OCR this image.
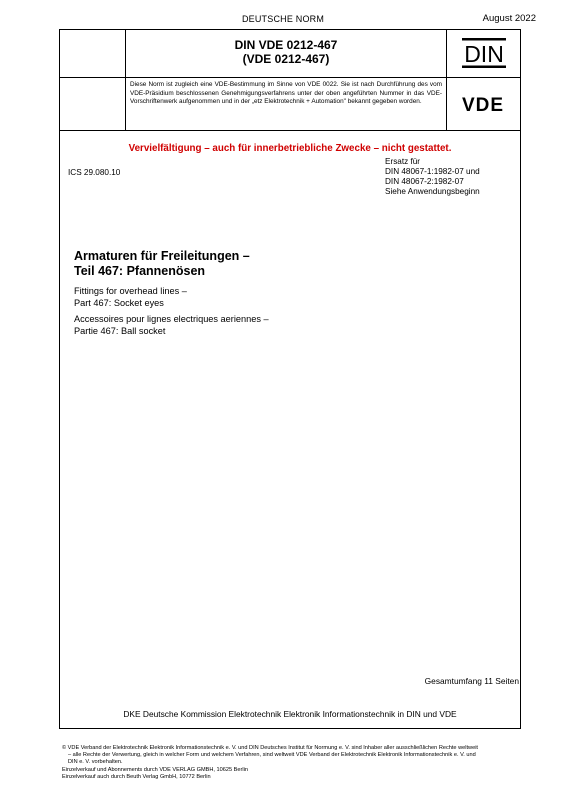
DEUTSCHE NORM	August 2022
DIN VDE 0212-467
(VDE 0212-467)	DIN
VDE
Diese Norm ist zugleich eine VDE-Bestimmung im Sinne von VDE 0022. Sie ist nach Durchführung des vom VDE-Präsidium beschlossenen Genehmigungsverfahrens unter der oben angeführten Nummer in das VDE-Vorschriftenwerk aufgenommen und in der „etz Elektrotechnik + Automation" bekannt gegeben worden.
Vervielfältigung – auch für innerbetriebliche Zwecke – nicht gestattet.
ICS 29.080.10
Ersatz für
DIN 48067-1:1982-07 und
DIN 48067-2:1982-07
Siehe Anwendungsbeginn
Armaturen für Freileitungen –
Teil 467: Pfannenösen
Fittings for overhead lines –
Part 467: Socket eyes
Accessoires pour lignes electriques aeriennes –
Partie 467: Ball socket
Gesamtumfang 11 Seiten
DKE Deutsche Kommission Elektrotechnik Elektronik Informationstechnik in DIN und VDE

© VDE Verband der Elektrotechnik Elektronik Informationstechnik e. V. und DIN Deutsches Institut für Normung e. V. sind Inhaber aller ausschließlichen Rechte weltweit

– alle Rechte der Verwertung, gleich in welcher Form und welchem Verfahren, sind weltweit VDE Verband der Elektrotechnik Elektronik Informationstechnik e. V. und

DIN e. V. vorbehalten.

Einzelverkauf und Abonnements durch VDE VERLAG GMBH, 10625 Berlin

Einzelverkauf auch durch Beuth Verlag GmbH, 10772 Berlin
